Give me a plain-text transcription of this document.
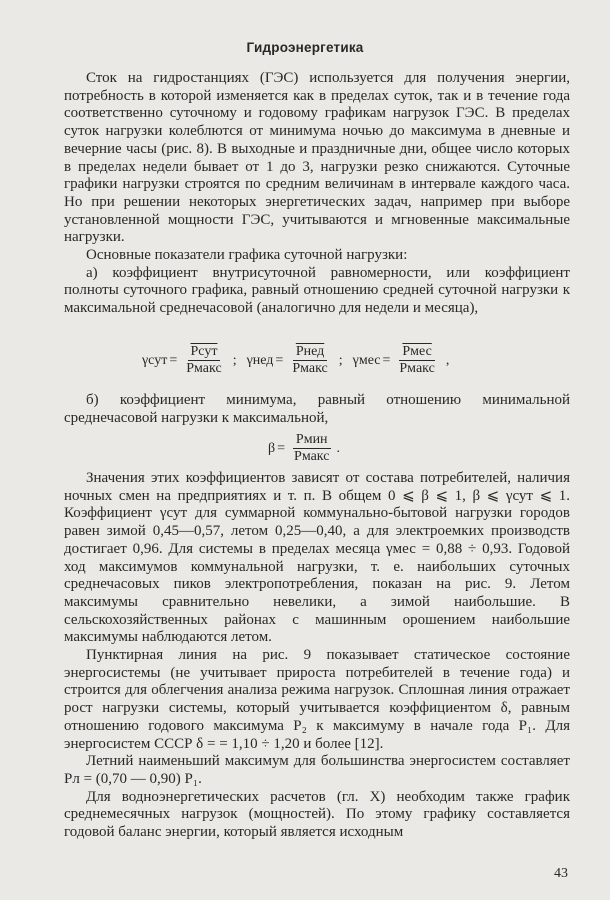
Гидроэнергетика

Сток на гидростанциях (ГЭС) используется для получения энергии, потребность в которой изменяется как в пределах суток, так и в течение года соответственно суточному и годовому графикам нагрузок ГЭС. В пределах суток нагрузки колеблются от минимума ночью до максимума в дневные и вечерние часы (рис. 8). В выходные и праздничные дни, общее число которых в пределах недели бывает от 1 до 3, нагрузки резко снижаются. Суточные графики нагрузки строятся по средним величинам в интервале каждого часа. Но при решении некоторых энергетических задач, например при выборе установленной мощности ГЭС, учитываются и мгновенные максимальные нагрузки.

Основные показатели графика суточной нагрузки:

а) коэффициент внутрисуточной равномерности, или коэффициент полноты суточного графика, равный отношению средней суточной нагрузки к максимальной среднечасовой (аналогично для недели и месяца),

$\gamma сут = \frac{\text{Pсут}}{\text{Pмакс}}$ ; $\gamma нед = \frac{\text{Pнед}}{\text{Pмакс}}$ ; $\gamma мес = \frac{\text{Pмес}}{\text{Pмакс}}$ ,

б) коэффициент минимума, равный отношению минимальной среднечасовой нагрузки к максимальной,

$\beta = \frac{\text{Pмин}}{\text{Pмакс}}$ .

Значения этих коэффициентов зависят от состава потребителей, наличия ночных смен на предприятиях и т. п. В общем 0 ⩽ β ⩽ 1, β ⩽ γсут ⩽ 1. Коэффициент γсут для суммарной коммунально-бытовой нагрузки городов равен зимой 0,45—0,57, летом 0,25—0,40, а для электроемких производств достигает 0,96. Для системы в пределах месяца γмес = 0,88 ÷ 0,93. Годовой ход максимумов коммунальной нагрузки, т. е. наибольших суточных среднечасовых пиков электропотребления, показан на рис. 9. Летом максимумы сравнительно невелики, а зимой наибольшие. В сельскохозяйственных районах с машинным орошением наибольшие максимумы наблюдаются летом.

Пунктирная линия на рис. 9 показывает статическое состояние энергосистемы (не учитывает прироста потребителей в течение года) и строится для облегчения анализа режима нагрузок. Сплошная линия отражает рост нагрузки системы, который учитывается коэффициентом δ, равным отношению годового максимума P₂ к максимуму в начале года P₁. Для энергосистем СССР δ = = 1,10 ÷ 1,20 и более [12].

Летний наименьший максимум для большинства энергосистем составляет Pл = (0,70 — 0,90) P₁.

Для водноэнергетических расчетов (гл. X) необходим также график среднемесячных нагрузок (мощностей). По этому графику составляется годовой баланс энергии, который является исходным

43
